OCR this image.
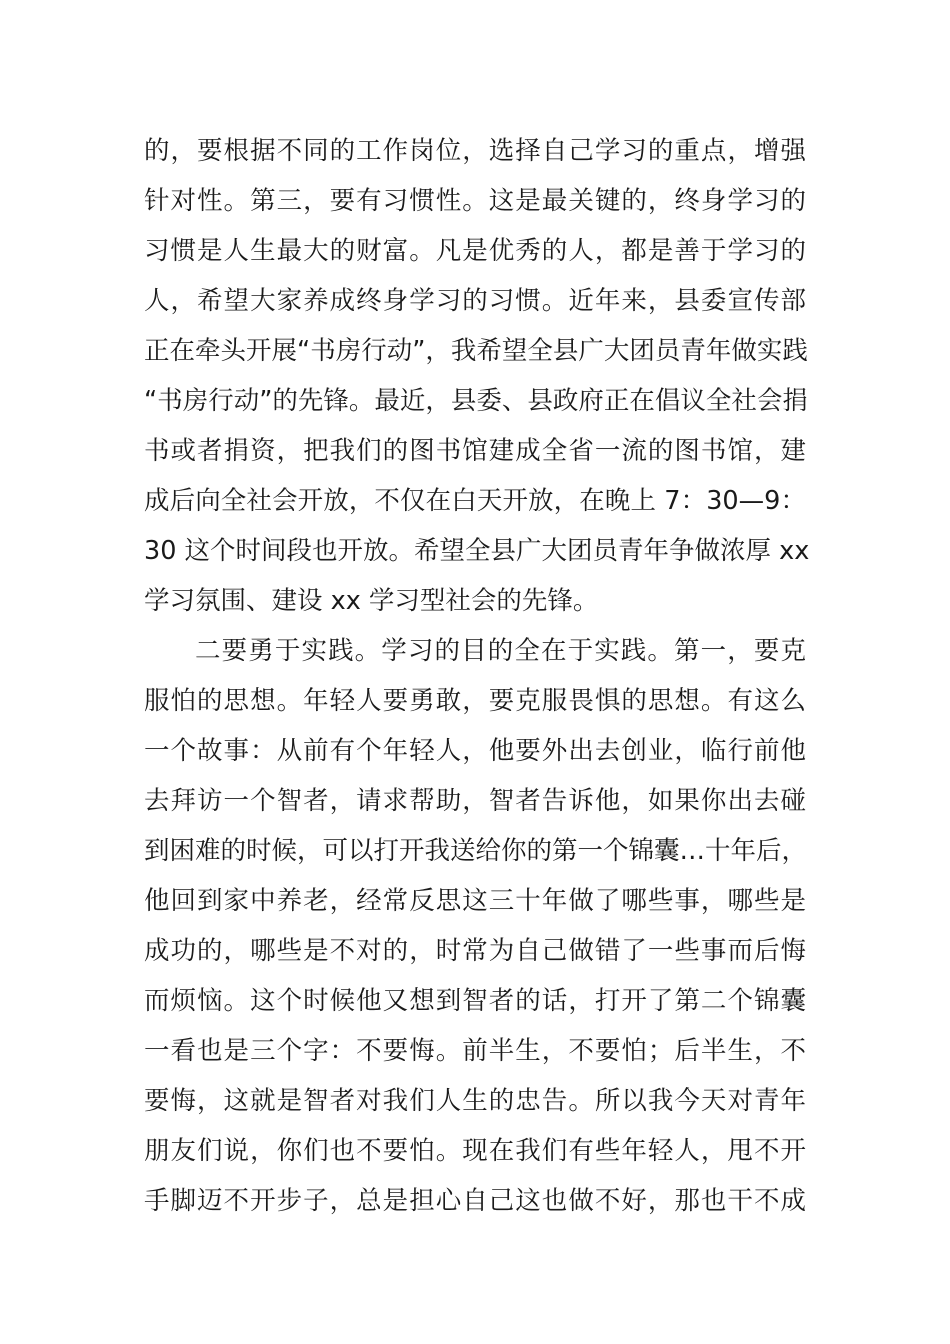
的，要根据不同的工作岗位，选择自己学习的重点，增强
针对性。第三，要有习惯性。这是最关键的，终身学习的
习惯是人生最大的财富。凡是优秀的人，都是善于学习的
人，希望大家养成终身学习的习惯。近年来，县委宣传部
正在牵头开展“书房行动”，我希望全县广大团员青年做实践
“书房行动”的先锋。最近，县委、县政府正在倡议全社会捐
书或者捐资，把我们的图书馆建成全省一流的图书馆，建
成后向全社会开放，不仅在白天开放，在晚上 7：30—9：
30 这个时间段也开放。希望全县广大团员青年争做浓厚 xx
学习氛围、建设 xx 学习型社会的先锋。
二要勇于实践。学习的目的全在于实践。第一，要克
服怕的思想。年轻人要勇敢，要克服畏惧的思想。有这么
一个故事：从前有个年轻人，他要外出去创业，临行前他
去拜访一个智者，请求帮助，智者告诉他，如果你出去碰
到困难的时候，可以打开我送给你的第一个锦囊…十年后，
他回到家中养老，经常反思这三十年做了哪些事，哪些是
成功的，哪些是不对的，时常为自己做错了一些事而后悔
而烦恼。这个时候他又想到智者的话，打开了第二个锦囊
一看也是三个字：不要悔。前半生，不要怕；后半生，不
要悔，这就是智者对我们人生的忠告。所以我今天对青年
朋友们说，你们也不要怕。现在我们有些年轻人，甩不开
手脚迈不开步子，总是担心自己这也做不好，那也干不成
